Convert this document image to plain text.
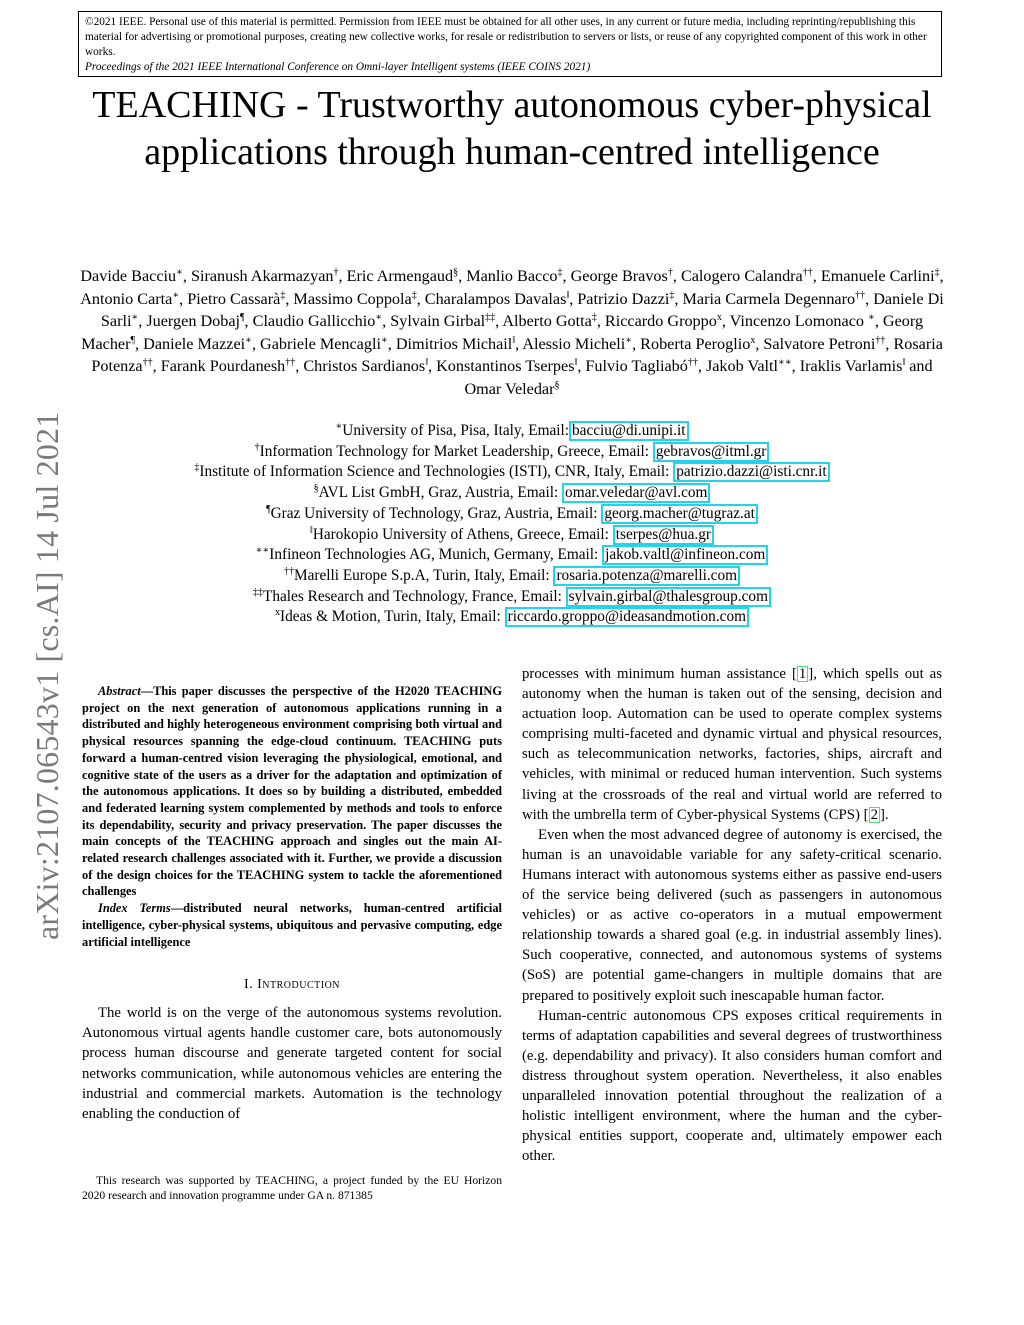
©2021 IEEE. Personal use of this material is permitted. Permission from IEEE must be obtained for all other uses, in any current or future media, including reprinting/republishing this material for advertising or promotional purposes, creating new collective works, for resale or redistribution to servers or lists, or reuse of any copyrighted component of this work in other works.
Proceedings of the 2021 IEEE International Conference on Omni-layer Intelligent systems (IEEE COINS 2021)
TEACHING - Trustworthy autonomous cyber-physical applications through human-centred intelligence
Davide Bacciu∗, Siranush Akarmazyan†, Eric Armengaud§, Manlio Bacco‡, George Bravos†, Calogero Calandra††, Emanuele Carlini‡, Antonio Carta∗, Pietro Cassarà‡, Massimo Coppola‡, Charalampos Davalas‖, Patrizio Dazzi‡, Maria Carmela Degennaro††, Daniele Di Sarli∗, Juergen Dobaj¶, Claudio Gallicchio∗, Sylvain Girbal‡‡, Alberto Gotta‡, Riccardo Groppo$^x$, Vincenzo Lomonaco ∗, Georg Macher¶, Daniele Mazzei∗, Gabriele Mencagli∗, Dimitrios Michail‖, Alessio Micheli∗, Roberta Peroglio$^x$, Salvatore Petroni††, Rosaria Potenza††, Farank Pourdanesh††, Christos Sardianos‖, Konstantinos Tserpes‖, Fulvio Tagliabó††, Jakob Valtl∗∗, Iraklis Varlamis‖ and Omar Veledar§
∗University of Pisa, Pisa, Italy, Email: bacciu@di.unipi.it
†Information Technology for Market Leadership, Greece, Email: gebravos@itml.gr
‡Institute of Information Science and Technologies (ISTI), CNR, Italy, Email: patrizio.dazzi@isti.cnr.it
§AVL List GmbH, Graz, Austria, Email: omar.veledar@avl.com
¶Graz University of Technology, Graz, Austria, Email: georg.macher@tugraz.at
‖Harokopio University of Athens, Greece, Email: tserpes@hua.gr
∗∗Infineon Technologies AG, Munich, Germany, Email: jakob.valtl@infineon.com
††Marelli Europe S.p.A, Turin, Italy, Email: rosaria.potenza@marelli.com
‡‡Thales Research and Technology, France, Email: sylvain.girbal@thalesgroup.com
$^x$Ideas & Motion, Turin, Italy, Email: riccardo.groppo@ideasandmotion.com
arXiv:2107.06543v1 [cs.AI] 14 Jul 2021	Abstract—This paper discusses the perspective of the H2020 TEACHING project on the next generation of autonomous applications running in a distributed and highly heterogeneous environment comprising both virtual and physical resources spanning the edge-cloud continuum. TEACHING puts forward a human-centred vision leveraging the physiological, emotional, and cognitive state of the users as a driver for the adaptation and optimization of the autonomous applications. It does so by building a distributed, embedded and federated learning system complemented by methods and tools to enforce its dependability, security and privacy preservation. The paper discusses the main concepts of the TEACHING approach and singles out the main AI-related research challenges associated with it. Further, we provide a discussion of the design choices for the TEACHING system to tackle the aforementioned challenges

Index Terms—distributed neural networks, human-centred artificial intelligence, cyber-physical systems, ubiquitous and pervasive computing, edge artificial intelligence

I. Introduction

The world is on the verge of the autonomous systems revolution. Autonomous virtual agents handle customer care, bots autonomously process human discourse and generate targeted content for social networks communication, while autonomous vehicles are entering the industrial and commercial markets. Automation is the technology enabling the conduction of

This research was supported by TEACHING, a project funded by the EU Horizon 2020 research and innovation programme under GA n. 871385

processes with minimum human assistance [ 1 ], which spells out as autonomy when the human is taken out of the sensing, decision and actuation loop. Automation can be used to operate complex systems comprising multi-faceted and dynamic virtual and physical resources, such as telecommunication networks, factories, ships, aircraft and vehicles, with minimal or reduced human intervention. Such systems living at the crossroads of the real and virtual world are referred to with the umbrella term of Cyber-physical Systems (CPS) [ 2 ].

Even when the most advanced degree of autonomy is exercised, the human is an unavoidable variable for any safety-critical scenario. Humans interact with autonomous systems either as passive end-users of the service being delivered (such as passengers in autonomous vehicles) or as active co-operators in a mutual empowerment relationship towards a shared goal (e.g. in industrial assembly lines). Such cooperative, connected, and autonomous systems of systems (SoS) are potential game-changers in multiple domains that are prepared to positively exploit such inescapable human factor.

Human-centric autonomous CPS exposes critical requirements in terms of adaptation capabilities and several degrees of trustworthiness (e.g. dependability and privacy). It also considers human comfort and distress throughout system operation. Nevertheless, it also enables unparalleled innovation potential throughout the realization of a holistic intelligent environment, where the human and the cyber-physical entities support, cooperate and, ultimately empower each other.
